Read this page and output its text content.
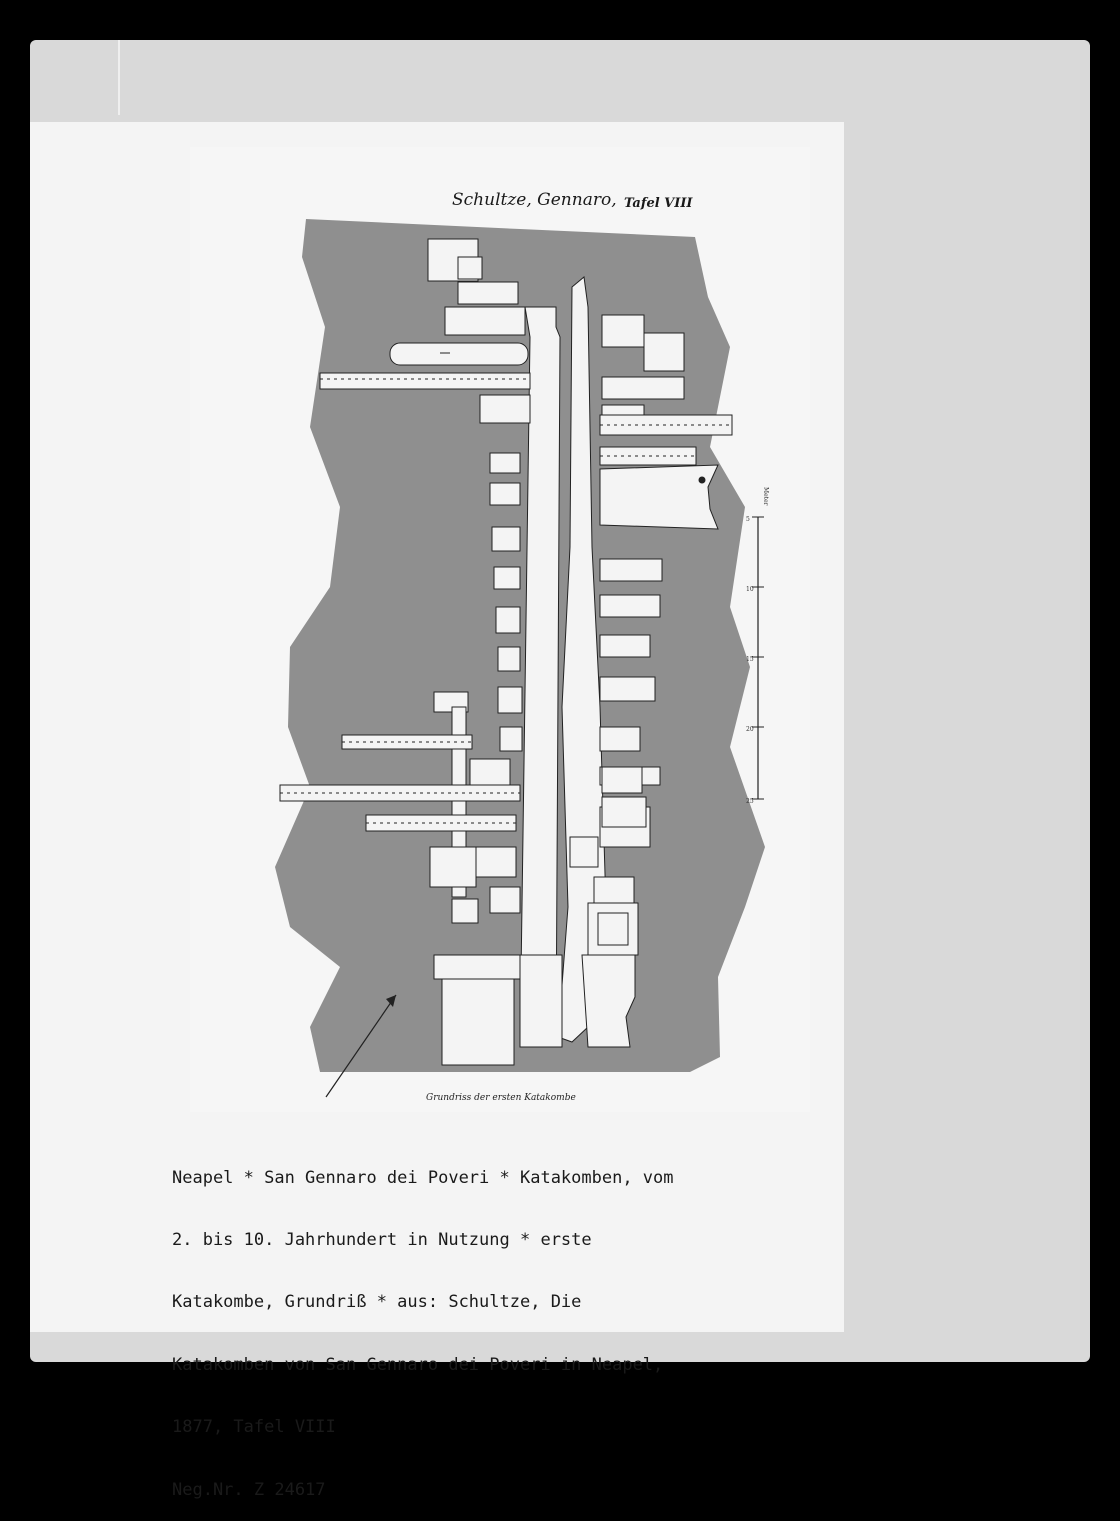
Schultze, Gennaro, Tafel VIII
5
10
15
20
25
Meter
Grundriss der ersten Katakombe

Neapel * San Gennaro dei Poveri * Katakomben, vom

2. bis 10. Jahrhundert in Nutzung * erste

Katakombe, Grundriß * aus: Schultze, Die

Katakomben von San Gennaro dei Poveri in Neapel,

1877, Tafel VIII

Neg.Nr. Z 24617
